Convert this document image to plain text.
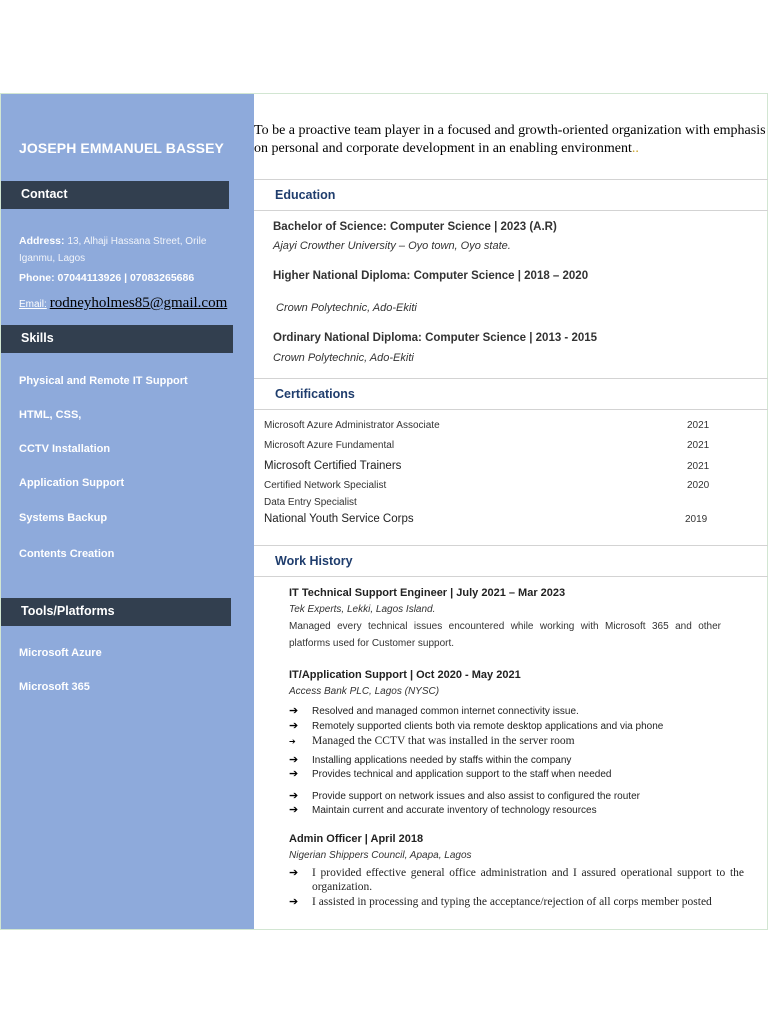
JOSEPH EMMANUEL BASSEY
Contact
Address: 13, Alhaji Hassana Street, Orile Iganmu, Lagos
Phone: 07044113926 | 07083265686
Email: rodneyholmes85@gmail.com
Skills
Physical and Remote IT Support
HTML, CSS,
CCTV Installation
Application Support
Systems Backup
Contents Creation
Tools/Platforms
Microsoft Azure
Microsoft 365
To be a proactive team player in a focused and growth-oriented organization with emphasis on personal and corporate development in an enabling environment..
Education
Bachelor of Science: Computer Science | 2023 (A.R)
Ajayi Crowther University – Oyo town, Oyo state.
Higher National Diploma: Computer Science | 2018 – 2020
Crown Polytechnic, Ado-Ekiti
Ordinary National Diploma: Computer Science | 2013 - 2015
Crown Polytechnic, Ado-Ekiti
Certifications
Microsoft Azure Administrator Associate	2021
Microsoft Azure Fundamental	2021
Microsoft Certified Trainers	2021
Certified Network Specialist	2020
Data Entry Specialist
National Youth Service Corps	2019
Work History
IT Technical Support Engineer | July 2021 – Mar 2023
Tek Experts, Lekki, Lagos Island.
Managed every technical issues encountered while working with Microsoft 365 and other platforms used for Customer support.
IT/Application Support | Oct 2020 - May 2021
Access Bank PLC, Lagos (NYSC)
➔	Resolved and managed common internet connectivity issue.
➔	Remotely supported clients both via remote desktop applications and via phone
➔	Managed the CCTV that was installed in the server room
➔	Installing applications needed by staffs within the company
➔	Provides technical and application support to the staff when needed
➔	Provide support on network issues and also assist to configured the router
➔	Maintain current and accurate inventory of technology resources
Admin Officer | April 2018
Nigerian Shippers Council, Apapa, Lagos
➔	I provided effective general office administration and I assured operational support to the organization.
➔	I assisted in processing and typing the acceptance/rejection of all corps member posted
